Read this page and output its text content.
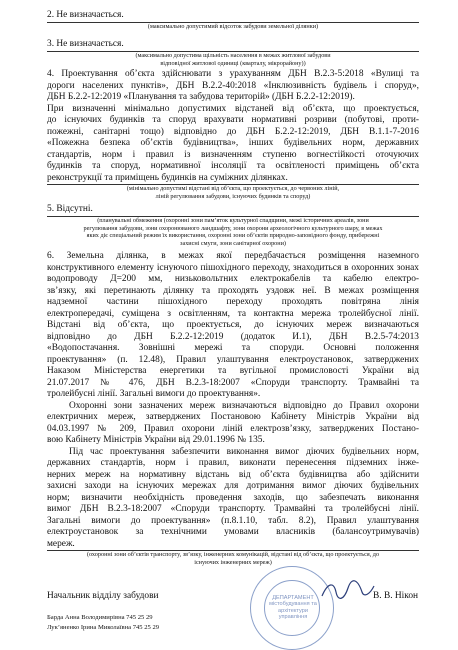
2. Не визначається.
(максимально допустимий відсоток забудови земельної ділянки)
3. Не визначається.
(максимально допустима щільність населення в межах житлової забудови
відповідної житлової одиниці (кварталу, мікрорайону))
4. Проектування об’єкта здійснювати з урахуванням ДБН В.2.3-5:2018 «Вулиці та
дороги населених пунктів», ДБН В.2.2-40:2018 «Інклюзивність будівель і споруд»,
ДБН Б.2.2-12:2019 «Планування та забудова територій» (ДБН Б.2.2-12:2019).
При визначенні мінімально допустимих відстаней від об’єкта, що проектується,
до існуючих будинків та споруд врахувати нормативні розриви (побутові, проти-
пожежні, санітарні тощо) відповідно до ДБН Б.2.2-12:2019, ДБН В.1.1-7-2016
«Пожежна безпека об’єктів будівництва», інших будівельних норм, державних
стандартів, норм і правил із визначенням ступеню вогнестійкості оточуючих
будинків та споруд, нормативної інсоляції та освітленості приміщень об’єкта
реконструкції та приміщень будинків на суміжних ділянках.
(мінімально допустимі відстані від об’єкта, що проектується, до червоних ліній,
ліній регулювання забудови, існуючих будинків та споруд)
5. Відсутні.
(планувальні обмеження (охоронні зони пам’яток культурної спадщини, межі історичних ареалів, зони
регулювання забудови, зони охоронюваного ландшафту, зони охорони археологічного культурного шару, в межах
яких діє спеціальний режим їх використання, охоронні зони об’єктів природно-заповідного фонду, прибережні
захисні смуги, зони санітарної охорони)
6. Земельна ділянка, в межах якої передбачається розміщення наземного
конструктивного елементу існуючого пішохідного переходу, знаходиться в охоронних зонах
водопроводу Д=200 мм, низьковольтних електрокабелів та кабелю електро-
зв’язку, які перетинають ділянку та проходять уздовж неї. В межах розміщення
надземної частини пішохідного переходу проходять повітряна лінія
електропередачі, суміщена з освітленням, та контактна мережа тролейбусної лінії.
Відстані від об’єкта, що проектується, до існуючих мереж визначаються
відповідно до ДБН Б.2.2-12:2019 (додаток И.1), ДБН В.2.5-74:2013
«Водопостачання. Зовнішні мережі та споруди. Основні положення
проектування» (п. 12.48), Правил улаштування електроустановок, затверджених
Наказом Міністерства енергетики та вугільної промисловості України від
21.07.2017 № 476, ДБН В.2.3-18:2007 «Споруди транспорту. Трамвайні та
тролейбусні лінії. Загальні вимоги до проектування».
Охоронні зони зазначених мереж визначаються відповідно до Правил охорони
електричних мереж, затверджених Постановою Кабінету Міністрів України від
04.03.1997 № 209, Правил охорони ліній електрозв’язку, затверджених Постано-
вою Кабінету Міністрів України від 29.01.1996 № 135.
Під час проектування забезпечити виконання вимог діючих будівельних норм,
державних стандартів, норм і правил, виконати перенесення підземних інже-
нерних мереж на нормативну відстань від об’єкта будівництва або здійснити
захисні заходи на існуючих мережах для дотримання вимог діючих будівельних
норм; визначити необхідність проведення заходів, що забезпечать виконання
вимог ДБН В.2.3-18:2007 «Споруди транспорту. Трамвайні та тролейбусні лінії.
Загальні вимоги до проектування» (п.8.1.10, табл. 8.2), Правил улаштування
електроустановок за технічними умовами власників (балансоутримувачів)
мереж.
(охоронні зони об’єктів транспорту, зв’язку, інженерних комунікацій, відстані від об’єкта, що проектується, до
існуючих інженерних мереж)
ДЕПАРТАМЕНТ містобудування та архітектури управління
Начальник відділу забудови	В. В. Нікон
Барда Анна Володимирівна 745 25 29
Лук’яненко Ірина Миколаївна 745 25 29
